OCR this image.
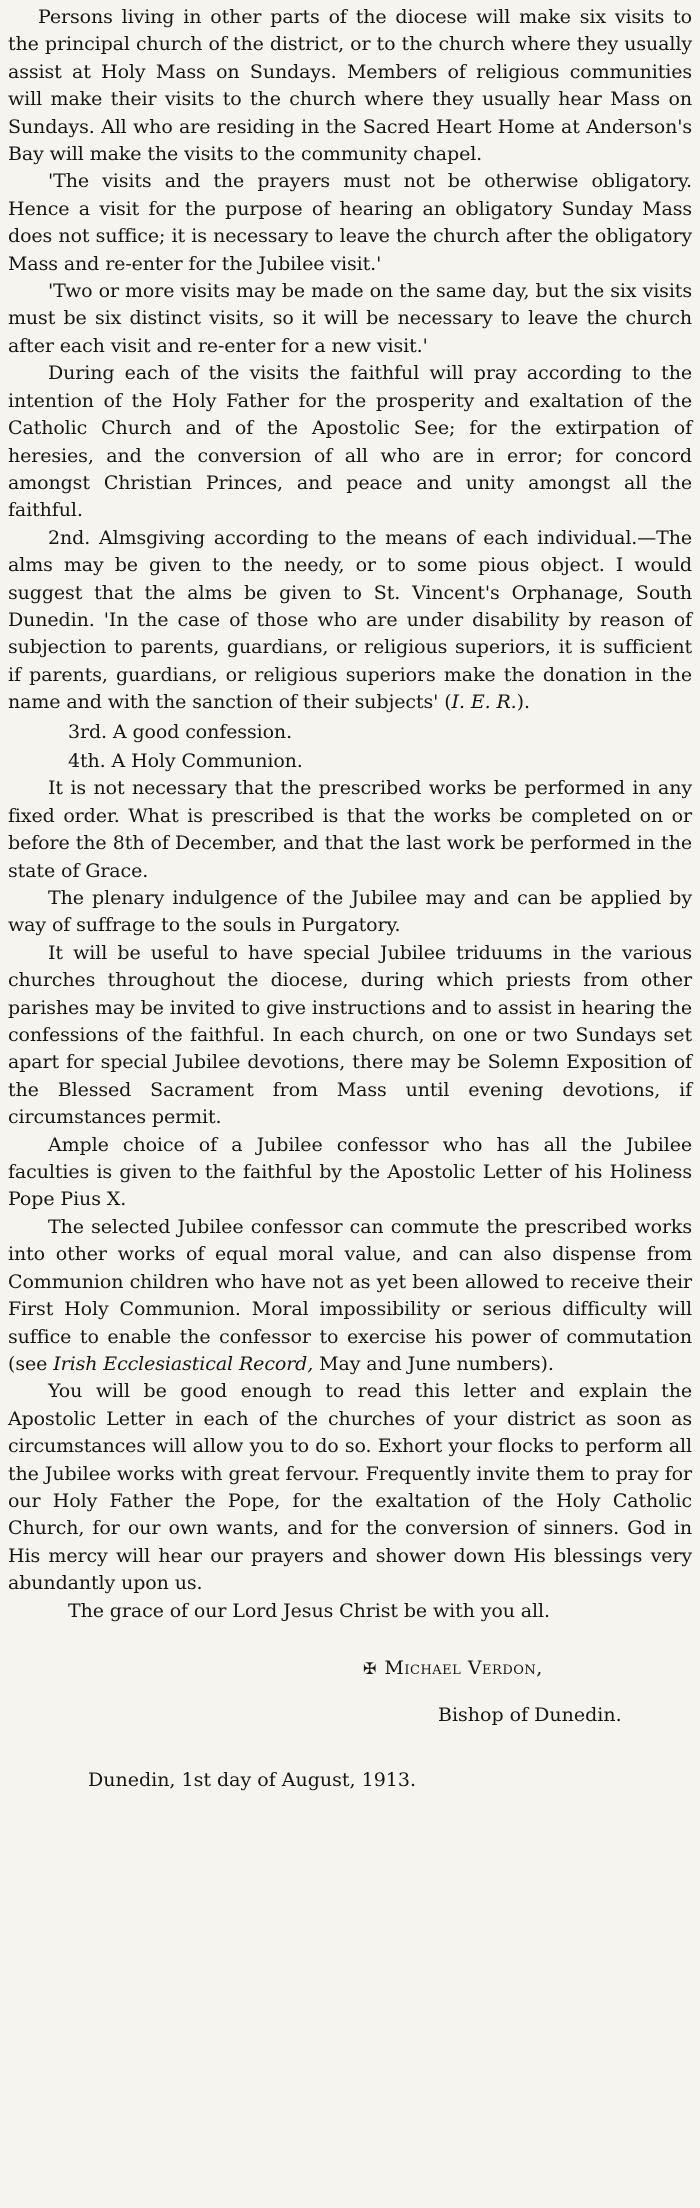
Persons living in other parts of the diocese will make six visits to the principal church of the district, or to the church where they usually assist at Holy Mass on Sundays. Members of religious communities will make their visits to the church where they usually hear Mass on Sundays. All who are residing in the Sacred Heart Home at Anderson's Bay will make the visits to the community chapel.

'The visits and the prayers must not be otherwise obligatory. Hence a visit for the purpose of hearing an obligatory Sunday Mass does not suffice; it is necessary to leave the church after the obligatory Mass and re-enter for the Jubilee visit.'

'Two or more visits may be made on the same day, but the six visits must be six distinct visits, so it will be necessary to leave the church after each visit and re-enter for a new visit.'

During each of the visits the faithful will pray according to the intention of the Holy Father for the prosperity and exaltation of the Catholic Church and of the Apostolic See; for the extirpation of heresies, and the conversion of all who are in error; for concord amongst Christian Princes, and peace and unity amongst all the faithful.

2nd. Almsgiving according to the means of each individual.—The alms may be given to the needy, or to some pious object. I would suggest that the alms be given to St. Vincent's Orphanage, South Dunedin. 'In the case of those who are under disability by reason of subjection to parents, guardians, or religious superiors, it is sufficient if parents, guardians, or religious superiors make the donation in the name and with the sanction of their subjects' (I. E. R.).

3rd. A good confession.

4th. A Holy Communion.

It is not necessary that the prescribed works be performed in any fixed order. What is prescribed is that the works be completed on or before the 8th of December, and that the last work be performed in the state of Grace.

The plenary indulgence of the Jubilee may and can be applied by way of suffrage to the souls in Purgatory.

It will be useful to have special Jubilee triduums in the various churches throughout the diocese, during which priests from other parishes may be invited to give instructions and to assist in hearing the confessions of the faithful. In each church, on one or two Sundays set apart for special Jubilee devotions, there may be Solemn Exposition of the Blessed Sacrament from Mass until evening devotions, if circumstances permit.

Ample choice of a Jubilee confessor who has all the Jubilee faculties is given to the faithful by the Apostolic Letter of his Holiness Pope Pius X.

The selected Jubilee confessor can commute the prescribed works into other works of equal moral value, and can also dispense from Communion children who have not as yet been allowed to receive their First Holy Communion. Moral impossibility or serious difficulty will suffice to enable the confessor to exercise his power of commutation (see Irish Ecclesiastical Record, May and June numbers).

You will be good enough to read this letter and explain the Apostolic Letter in each of the churches of your district as soon as circumstances will allow you to do so. Exhort your flocks to perform all the Jubilee works with great fervour. Frequently invite them to pray for our Holy Father the Pope, for the exaltation of the Holy Catholic Church, for our own wants, and for the conversion of sinners. God in His mercy will hear our prayers and shower down His blessings very abundantly upon us.

The grace of our Lord Jesus Christ be with you all.

✠ Michael Verdon,
Bishop of Dunedin.
Dunedin, 1st day of August, 1913.
